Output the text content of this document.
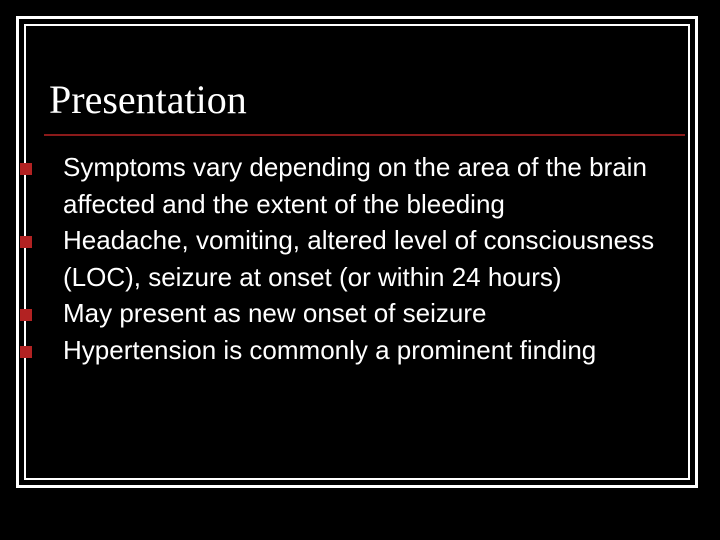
Presentation
Symptoms vary depending on the area of the brain affected and the extent of the bleeding
Headache, vomiting, altered level of consciousness (LOC), seizure at onset (or within 24 hours)
May present as new onset of seizure
Hypertension is commonly a prominent finding
